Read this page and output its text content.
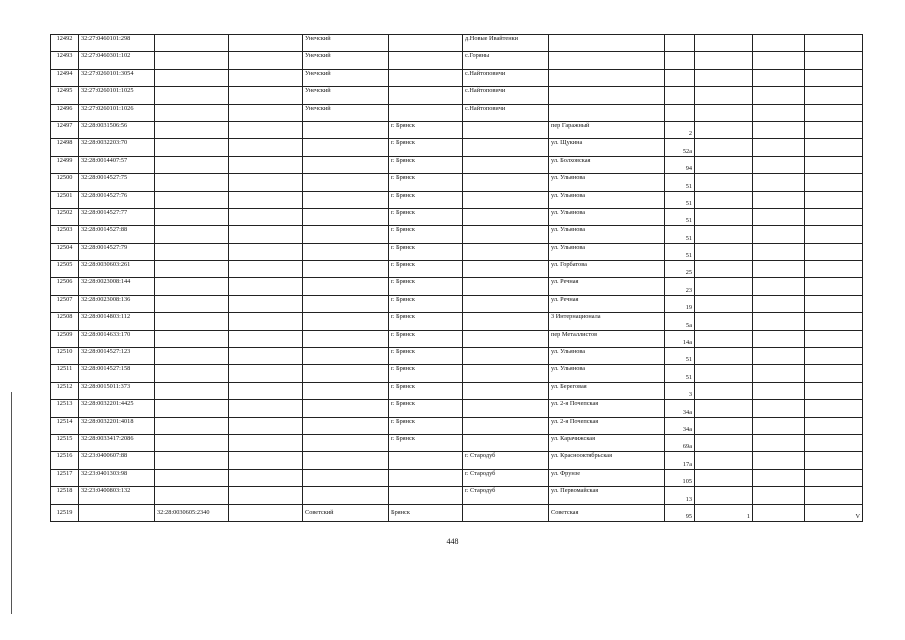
12492	32:27:0460101:298			Унечский		д.Новые Ивайтенки					
12493	32:27:0460301:102			Унечский		с.Горяны					
12494	32:27:0260101:3054			Унечский		с.Найтоповичи					
12495	32:27:0260101:1025			Унечский		с.Найтоповичи					
12496	32:27:0260101:1026			Унечский		с.Найтоповичи					
12497	32:28:0031506:56				г. Брянск		пер Гаражный	2			
12498	32:28:0032203:70				г. Брянск		ул. Щукина	52а			
12499	32:28:0014407:57				г. Брянск		ул. Болховская	94			
12500	32:28:0014527:75				г. Брянск		ул. Ульянова	51			
12501	32:28:0014527:76				г. Брянск		ул. Ульянова	51			
12502	32:28:0014527:77				г. Брянск		ул. Ульянова	51			
12503	32:28:0014527:88				г. Брянск		ул. Ульянова	51			
12504	32:28:0014527:79				г. Брянск		ул. Ульянова	51			
12505	32:28:0030603:261				г. Брянск		ул. Горбатова	25			
12506	32:28:0023008:144				г. Брянск		ул. Речная	23			
12507	32:28:0023008:136				г. Брянск		ул. Речная	19			
12508	32:28:0014803:112				г. Брянск		3 Интернационала	5а			
12509	32:28:0014633:170				г. Брянск		пер Металлистов	14а			
12510	32:28:0014527:123				г. Брянск		ул. Ульянова	51			
12511	32:28:0014527:158				г. Брянск		ул. Ульянова	51			
12512	32:28:0015011:373				г. Брянск		ул. Береговая	3			
12513	32:28:0032201:4425				г. Брянск		ул. 2-я Почепская	34а			
12514	32:28:0032201:4018				г. Брянск		ул. 2-я Почепская	34а			
12515	32:28:0033417:2086				г. Брянск		ул. Карачижская	69а			
12516	32:23:0400607:88					г. Стародуб	ул. Краснооктябрьская	17а			
12517	32:23:0401303:98					г. Стародуб	ул. Фрунзе	105			
12518	32:23:0400803:132					г. Стародуб	ул. Первомайская	13			
12519		32:28:0030605:2340		Советский	Брянск		Советская	95	1		V
448
